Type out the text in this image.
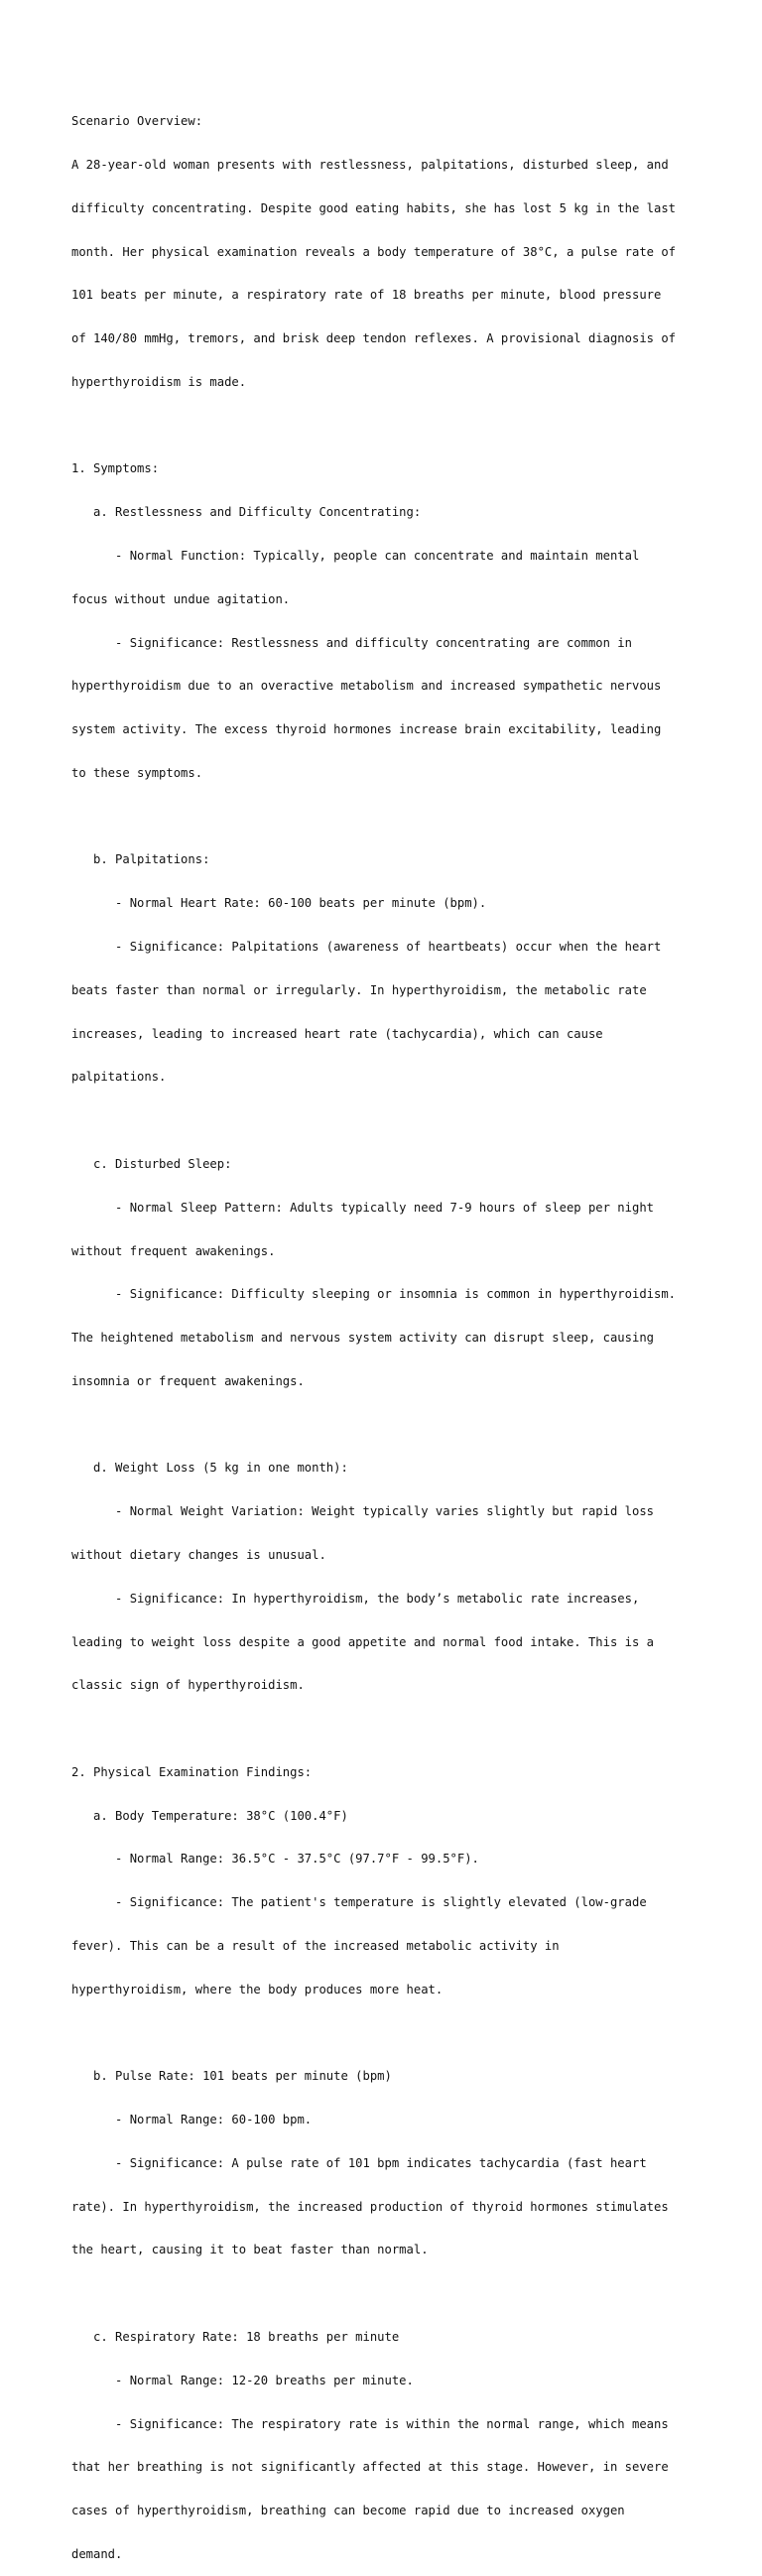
Scenario Overview:

A 28-year-old woman presents with restlessness, palpitations, disturbed sleep, and

difficulty concentrating. Despite good eating habits, she has lost 5 kg in the last

month. Her physical examination reveals a body temperature of 38°C, a pulse rate of

101 beats per minute, a respiratory rate of 18 breaths per minute, blood pressure

of 140/80 mmHg, tremors, and brisk deep tendon reflexes. A provisional diagnosis of

hyperthyroidism is made.

1. Symptoms:

a. Restlessness and Difficulty Concentrating:

- Normal Function: Typically, people can concentrate and maintain mental

focus without undue agitation.

- Significance: Restlessness and difficulty concentrating are common in

hyperthyroidism due to an overactive metabolism and increased sympathetic nervous

system activity. The excess thyroid hormones increase brain excitability, leading

to these symptoms.

b. Palpitations:

- Normal Heart Rate: 60-100 beats per minute (bpm).

- Significance: Palpitations (awareness of heartbeats) occur when the heart

beats faster than normal or irregularly. In hyperthyroidism, the metabolic rate

increases, leading to increased heart rate (tachycardia), which can cause

palpitations.

c. Disturbed Sleep:

- Normal Sleep Pattern: Adults typically need 7-9 hours of sleep per night

without frequent awakenings.

- Significance: Difficulty sleeping or insomnia is common in hyperthyroidism.

The heightened metabolism and nervous system activity can disrupt sleep, causing

insomnia or frequent awakenings.

d. Weight Loss (5 kg in one month):

- Normal Weight Variation: Weight typically varies slightly but rapid loss

without dietary changes is unusual.

- Significance: In hyperthyroidism, the body’s metabolic rate increases,

leading to weight loss despite a good appetite and normal food intake. This is a

classic sign of hyperthyroidism.

2. Physical Examination Findings:

a. Body Temperature: 38°C (100.4°F)

- Normal Range: 36.5°C - 37.5°C (97.7°F - 99.5°F).

- Significance: The patient's temperature is slightly elevated (low-grade

fever). This can be a result of the increased metabolic activity in

hyperthyroidism, where the body produces more heat.

b. Pulse Rate: 101 beats per minute (bpm)

- Normal Range: 60-100 bpm.

- Significance: A pulse rate of 101 bpm indicates tachycardia (fast heart

rate). In hyperthyroidism, the increased production of thyroid hormones stimulates

the heart, causing it to beat faster than normal.

c. Respiratory Rate: 18 breaths per minute

- Normal Range: 12-20 breaths per minute.

- Significance: The respiratory rate is within the normal range, which means

that her breathing is not significantly affected at this stage. However, in severe

cases of hyperthyroidism, breathing can become rapid due to increased oxygen

demand.
